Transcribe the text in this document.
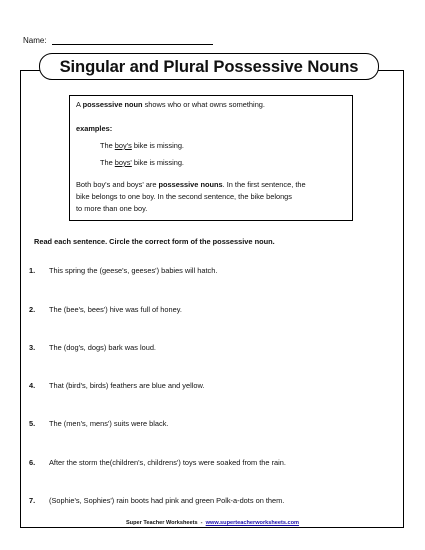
Name:
Singular and Plural Possessive Nouns
A possessive noun shows who or what owns something.
examples:
The boy's bike is missing.
The boys' bike is missing.
Both boy's and boys' are possessive nouns. In the first sentence, the
bike belongs to one boy. In the second sentence, the bike belongs
to more than one boy.
Read each sentence. Circle the correct form of the possessive noun.
1. This spring the (geese's, geeses') babies will hatch.
2. The (bee's, bees') hive was full of honey.
3. The (dog's, dogs) bark was loud.
4. That (bird's, birds) feathers are blue and yellow.
5. The (men's, mens') suits were black.
6. After the storm the(children's, childrens') toys were soaked from the rain.
7. (Sophie's, Sophies') rain boots had pink and green Polk-a-dots on them.
Super Teacher Worksheets - www.superteacherworksheets.com
